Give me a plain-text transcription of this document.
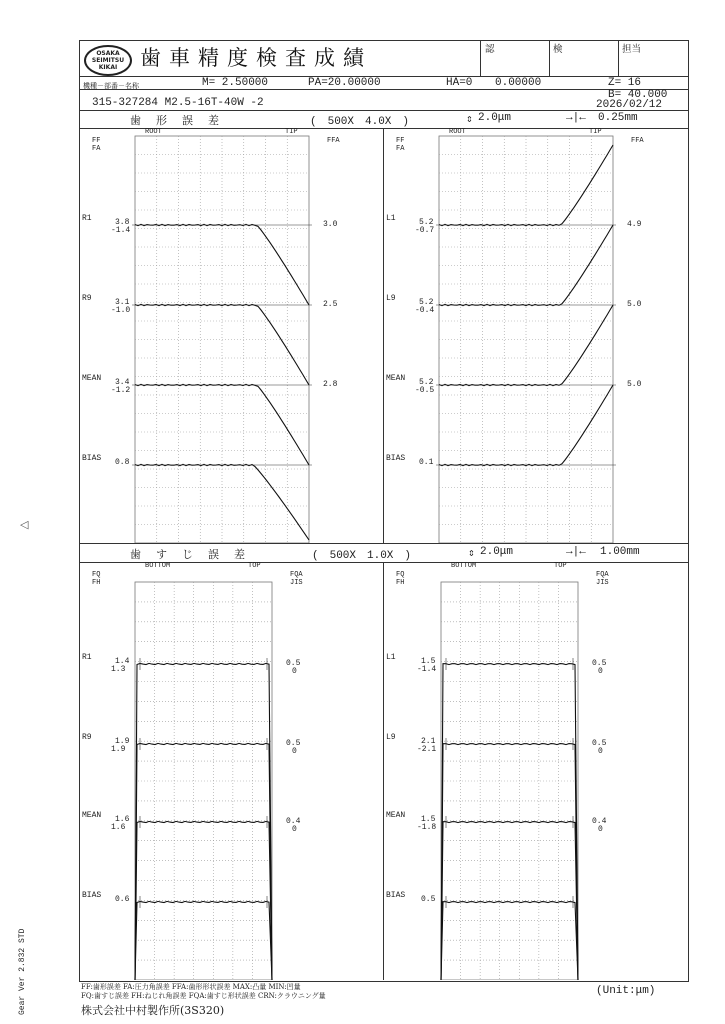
OSAKA
SEIMITSU
KIKAI	歯車精度検査成績	認	検	担当
機種－部番－名称	M= 2.50000	PA=20.00000	HA=0 0.00000	Z= 16
B= 40.000
315-327284 M2.5-16T-40W -2	2026/02/12
歯　形　誤　差	(　500X　4.0X　)	⇕ 2.0μm	→|← 0.25mm
歯　す　じ　誤　差	(　500X　1.0X　)	⇕ 2.0μm	→|← 1.00mm
ROOT	TIP
FF
FA
FFA
R1	3.8
-1.4
3.0
R9	3.1
-1.0
2.5
MEAN 3.4
-1.2
2.8
BIAS 0.8
ROOT	TIP
FF
FA
FFA
L1	5.2
-0.7
4.9
L9	5.2
-0.4
5.0
MEAN 5.2
-0.5
5.0
BIAS 0.1
BOTTOM	TOP
FQ
FH
FQA
JIS
R1	1.4
1.3
0.5
0
R9	1.9
1.9
0.5
0
MEAN 1.6
1.6
0.4
0
BIAS 0.6
BOTTOM	TOP
FQ
FH
FQA
JIS
L1	1.5
-1.4
0.5
0
L9	2.1
-2.1
0.5
0
MEAN 1.5
-1.8
0.4
0
BIAS 0.5
FF:歯形誤差 FA:圧力角誤差 FFA:歯形形状誤差 MAX:凸量 MIN:凹量
FQ:歯すじ誤差 FH:ねじれ角誤差 FQA:歯すじ形状誤差 CRN:クラウニング量
株式会社中村製作所(3S320)
(Unit:μm)
Gear Ver 2.832 STD
◁
